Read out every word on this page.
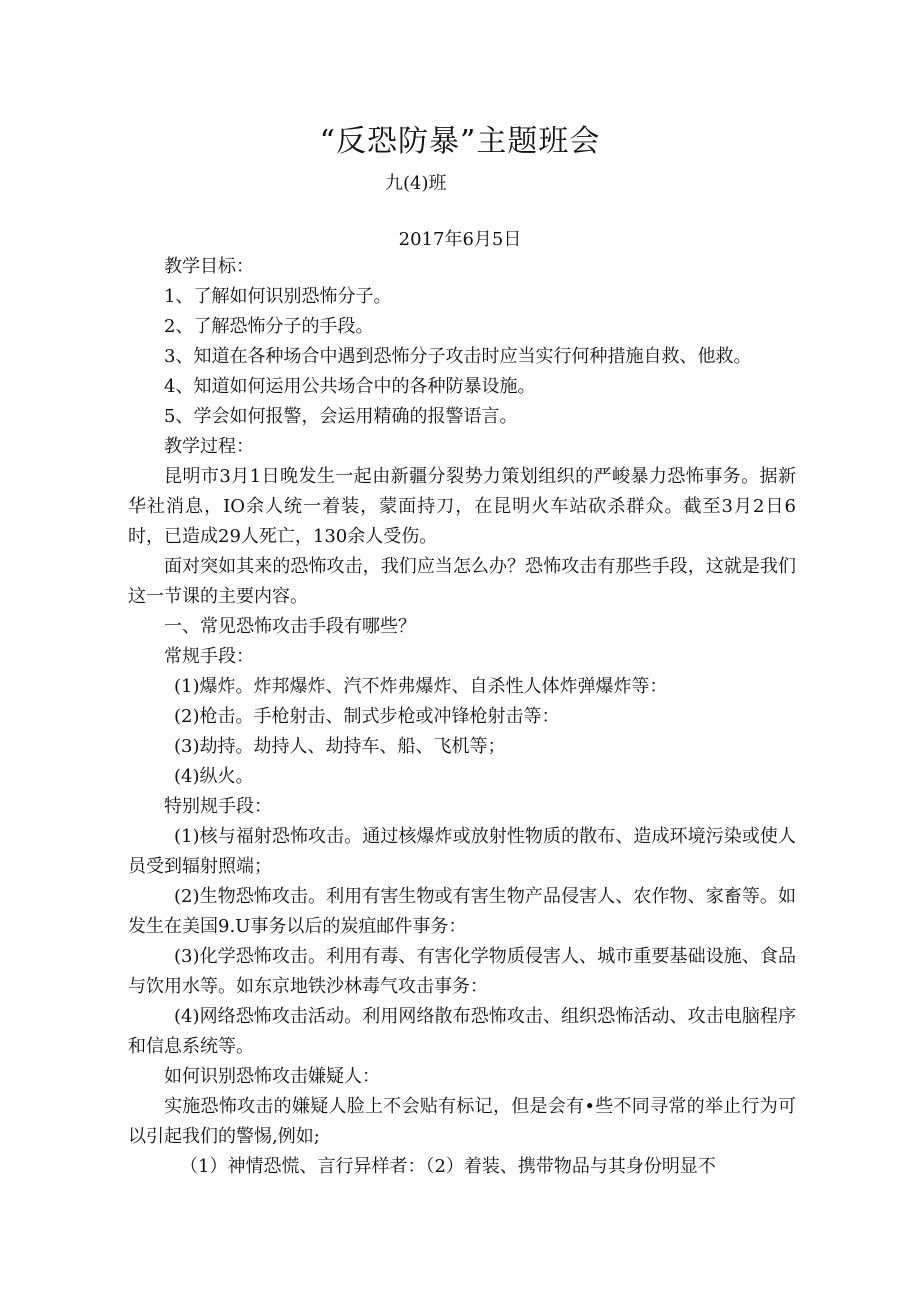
“反恐防暴”主题班会
九(4)班
2017年6月5日

教学目标：

1、了解如何识别恐怖分子。

2、了解恐怖分子的手段。

3、知道在各种场合中遇到恐怖分子攻击时应当实行何种措施自救、他救。

4、知道如何运用公共场合中的各种防暴设施。

5、学会如何报警，会运用精确的报警语言。

教学过程：

昆明市3月1日晚发生一起由新疆分裂势力策划组织的严峻暴力恐怖事务。据新华社消息，IO余人统一着装，蒙面持刀，在昆明火车站砍杀群众。截至3月2日6时，已造成29人死亡，130余人受伤。

面对突如其来的恐怖攻击，我们应当怎么办？恐怖攻击有那些手段，这就是我们这一节课的主要内容。

一、常见恐怖攻击手段有哪些？

常规手段：

(1)爆炸。炸邦爆炸、汽不炸弗爆炸、自杀性人体炸弹爆炸等：

(2)枪击。手枪射击、制式步枪或冲锋枪射击等：

(3)劫持。劫持人、劫持车、船、飞机等；

(4)纵火。

特别规手段：

(1)核与福射恐怖攻击。通过核爆炸或放射性物质的散布、造成环境污染或使人员受到辐射照端；

(2)生物恐怖攻击。利用有害生物或有害生物产品侵害人、农作物、家畜等。如发生在美国9.U事务以后的炭疽邮件事务：

(3)化学恐怖攻击。利用有毒、有害化学物质侵害人、城市重要基础设施、食品与饮用水等。如东京地铁沙林毒气攻击事务：

(4)网络恐怖攻击活动。利用网络散布恐怖攻击、组织恐怖活动、攻击电脑程序和信息系统等。

如何识别恐怖攻击嫌疑人：

实施恐怖攻击的嫌疑人脸上不会贴有标记，但是会有•些不同寻常的举止行为可以引起我们的警惕,例如;

（1）神情恐慌、言行异样者：（2）着装、携带物品与其身份明显不
